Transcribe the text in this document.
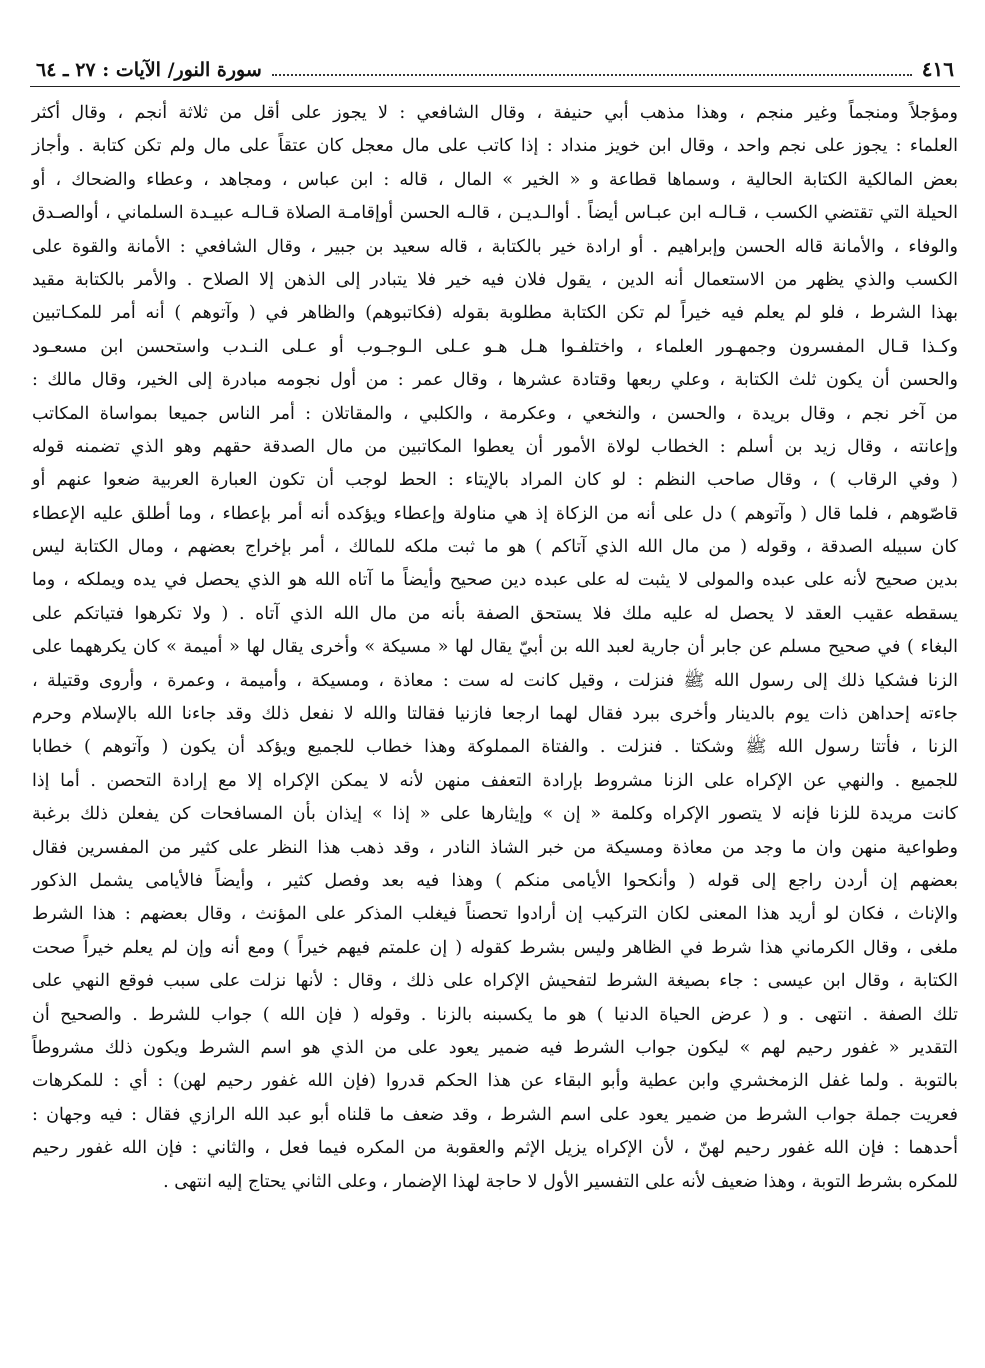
٤١٦
سورة النور/ الآيات : ٢٧ ـ ٦٤
ومؤجلاً ومنجماً وغير منجم ، وهذا مذهب أبي حنيفة ، وقال الشافعي : لا يجوز على أقل من ثلاثة أنجم ، وقال أكثر
العلماء : يجوز على نجم واحد ، وقال ابن خويز منداد : إذا كاتب على مال معجل كان عتقاً على مال ولم تكن كتابة . وأجاز
بعض المالكية الكتابة الحالية ، وسماها قطاعة و « الخير » المال ، قاله : ابن عباس ، ومجاهد ، وعطاء والضحاك ، أو
الحيلة التي تقتضي الكسب ، قـالـه ابن عبـاس أيضاً . أوالـديـن ، قالـه الحسن أوإقامـة الصلاة قـالـه عبيـدة السلماني ، أوالصـدق
والوفاء ، والأمانة قاله الحسن وإبراهيم . أو ارادة خير بالكتابة ، قاله سعيد بن جبير ، وقال الشافعي : الأمانة والقوة على
الكسب والذي يظهر من الاستعمال أنه الدين ، يقول فلان فيه خير فلا يتبادر إلى الذهن إلا الصلاح . والأمر بالكتابة مقيد
بهذا الشرط ، فلو لم يعلم فيه خيراً لم تكن الكتابة مطلوبة بقوله (فكاتبوهم) والظاهر في ( وآتوهم ) أنه أمر للمكـاتبين
وكـذا قـال المفسرون وجمهـور العلماء ، واختلفـوا هـل هـو عـلى الـوجـوب أو عـلى النـدب واستحسن ابن مسعـود
والحسن أن يكون ثلث الكتابة ، وعلي ربعها وقتادة عشرها ، وقال عمر : من أول نجومه مبادرة إلى الخير، وقال مالك :
من آخر نجم ، وقال بريدة ، والحسن ، والنخعي ، وعكرمة ، والكلبي ، والمقاتلان : أمر الناس جميعا بمواساة المكاتب
وإعانته ، وقال زيد بن أسلم : الخطاب لولاة الأمور أن يعطوا المكاتبين من مال الصدقة حقهم وهو الذي تضمنه قوله
( وفي الرقاب ) ، وقال صاحب النظم : لو كان المراد بالإيتاء : الحط لوجب أن تكون العبارة العربية ضعوا عنهم أو
قاصّوهم ، فلما قال ( وآتوهم ) دل على أنه من الزكاة إذ هي مناولة وإعطاء ويؤكده أنه أمر بإعطاء ، وما أطلق عليه الإعطاء
كان سبيله الصدقة ، وقوله ( من مال الله الذي آتاكم ) هو ما ثبت ملكه للمالك ، أمر بإخراج بعضهم ، ومال الكتابة ليس
بدين صحيح لأنه على عبده والمولى لا يثبت له على عبده دين صحيح وأيضاً ما آتاه الله هو الذي يحصل في يده ويملكه ، وما
يسقطه عقيب العقد لا يحصل له عليه ملك فلا يستحق الصفة بأنه من مال الله الذي آتاه . ( ولا تكرهوا فتياتكم على
البغاء ) في صحيح مسلم عن جابر أن جارية لعبد الله بن أبيّ يقال لها « مسيكة » وأخرى يقال لها « أميمة » كان يكرههما على
الزنا فشكيا ذلك إلى رسول الله ﷺ فنزلت ، وقيل كانت له ست : معاذة ، ومسيكة ، وأميمة ، وعمرة ، وأروى وقتيلة ،
جاءته إحداهن ذات يوم بالدينار وأخرى ببرد فقال لهما ارجعا فازنيا فقالتا والله لا نفعل ذلك وقد جاءنا الله بالإسلام وحرم
الزنا ، فأتتا رسول الله ﷺ وشكتا . فنزلت . والفتاة المملوكة وهذا خطاب للجميع ويؤكد أن يكون ( وآتوهم ) خطابا
للجميع . والنهي عن الإكراه على الزنا مشروط بإرادة التعفف منهن لأنه لا يمكن الإكراه إلا مع إرادة التحصن . أما إذا
كانت مريدة للزنا فإنه لا يتصور الإكراه وكلمة « إن » وإيثارها على « إذا » إيذان بأن المسافحات كن يفعلن ذلك برغبة
وطواعية منهن وان ما وجد من معاذة ومسيكة من خبر الشاذ النادر ، وقد ذهب هذا النظر على كثير من المفسرين فقال
بعضهم إن أردن راجع إلى قوله ( وأنكحوا الأيامى منكم ) وهذا فيه بعد وفصل كثير ، وأيضاً فالأيامى يشمل الذكور
والإناث ، فكان لو أريد هذا المعنى لكان التركيب إن أرادوا تحصناً فيغلب المذكر على المؤنث ، وقال بعضهم : هذا الشرط
ملغى ، وقال الكرماني هذا شرط في الظاهر وليس بشرط كقوله ( إن علمتم فيهم خيراً ) ومع أنه وإن لم يعلم خيراً صحت
الكتابة ، وقال ابن عيسى : جاء بصيغة الشرط لتفحيش الإكراه على ذلك ، وقال : لأنها نزلت على سبب فوقع النهي على
تلك الصفة . انتهى . و ( عرض الحياة الدنيا ) هو ما يكسبنه بالزنا . وقوله ( فإن الله ) جواب للشرط . والصحيح أن
التقدير « غفور رحيم لهم » ليكون جواب الشرط فيه ضمير يعود على من الذي هو اسم الشرط ويكون ذلك مشروطاً
بالتوبة . ولما غفل الزمخشري وابن عطية وأبو البقاء عن هذا الحكم قدروا (فإن الله غفور رحيم لهن) : أي : للمكرهات
فعريت جملة جواب الشرط من ضمير يعود على اسم الشرط ، وقد ضعف ما قلناه أبو عبد الله الرازي فقال : فيه وجهان :
أحدهما : فإن الله غفور رحيم لهنّ ، لأن الإكراه يزيل الإثم والعقوبة من المكره فيما فعل ، والثاني : فإن الله غفور رحيم
للمكره بشرط التوبة ، وهذا ضعيف لأنه على التفسير الأول لا حاجة لهذا الإضمار ، وعلى الثاني يحتاج إليه انتهى .
